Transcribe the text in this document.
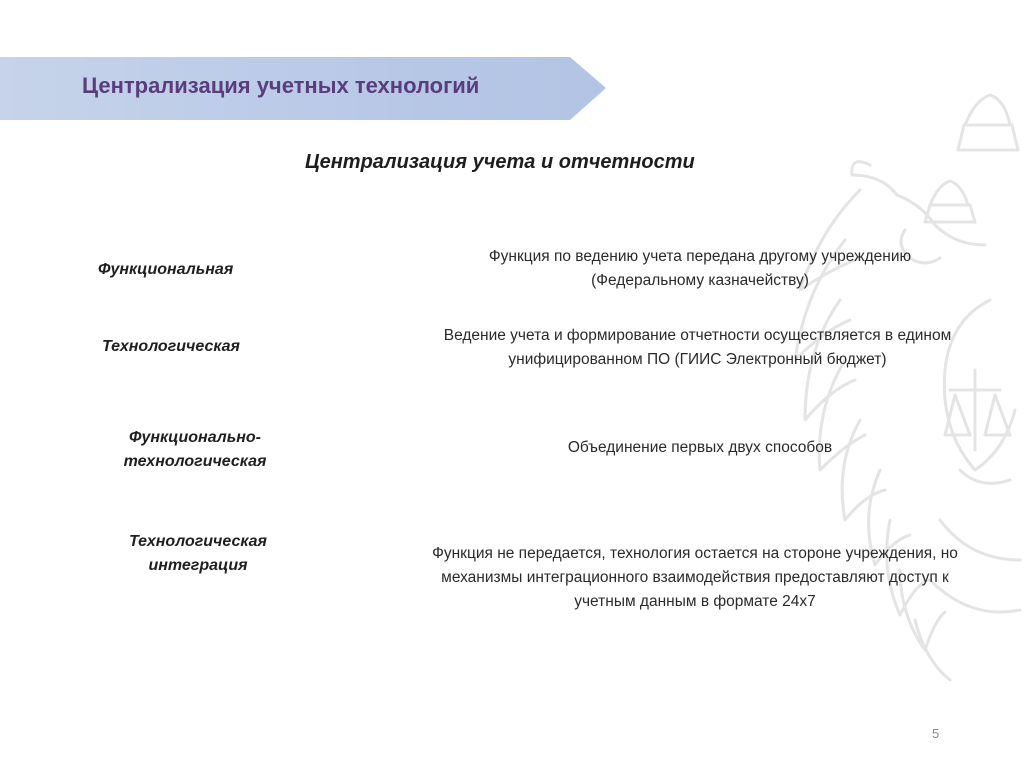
Централизация учетных технологий
Централизация учета и отчетности
Функциональная
Функция по ведению учета передана другому учреждению
(Федеральному казначейству)
Технологическая
Ведение учета и формирование отчетности осуществляется в едином
унифицированном ПО (ГИИС Электронный бюджет)
Функционально-
технологическая
Объединение первых двух способов
Технологическая
интеграция
Функция не передается, технология остается на стороне учреждения, но
механизмы интеграционного взаимодействия предоставляют доступ к
учетным данным в формате 24х7
5
